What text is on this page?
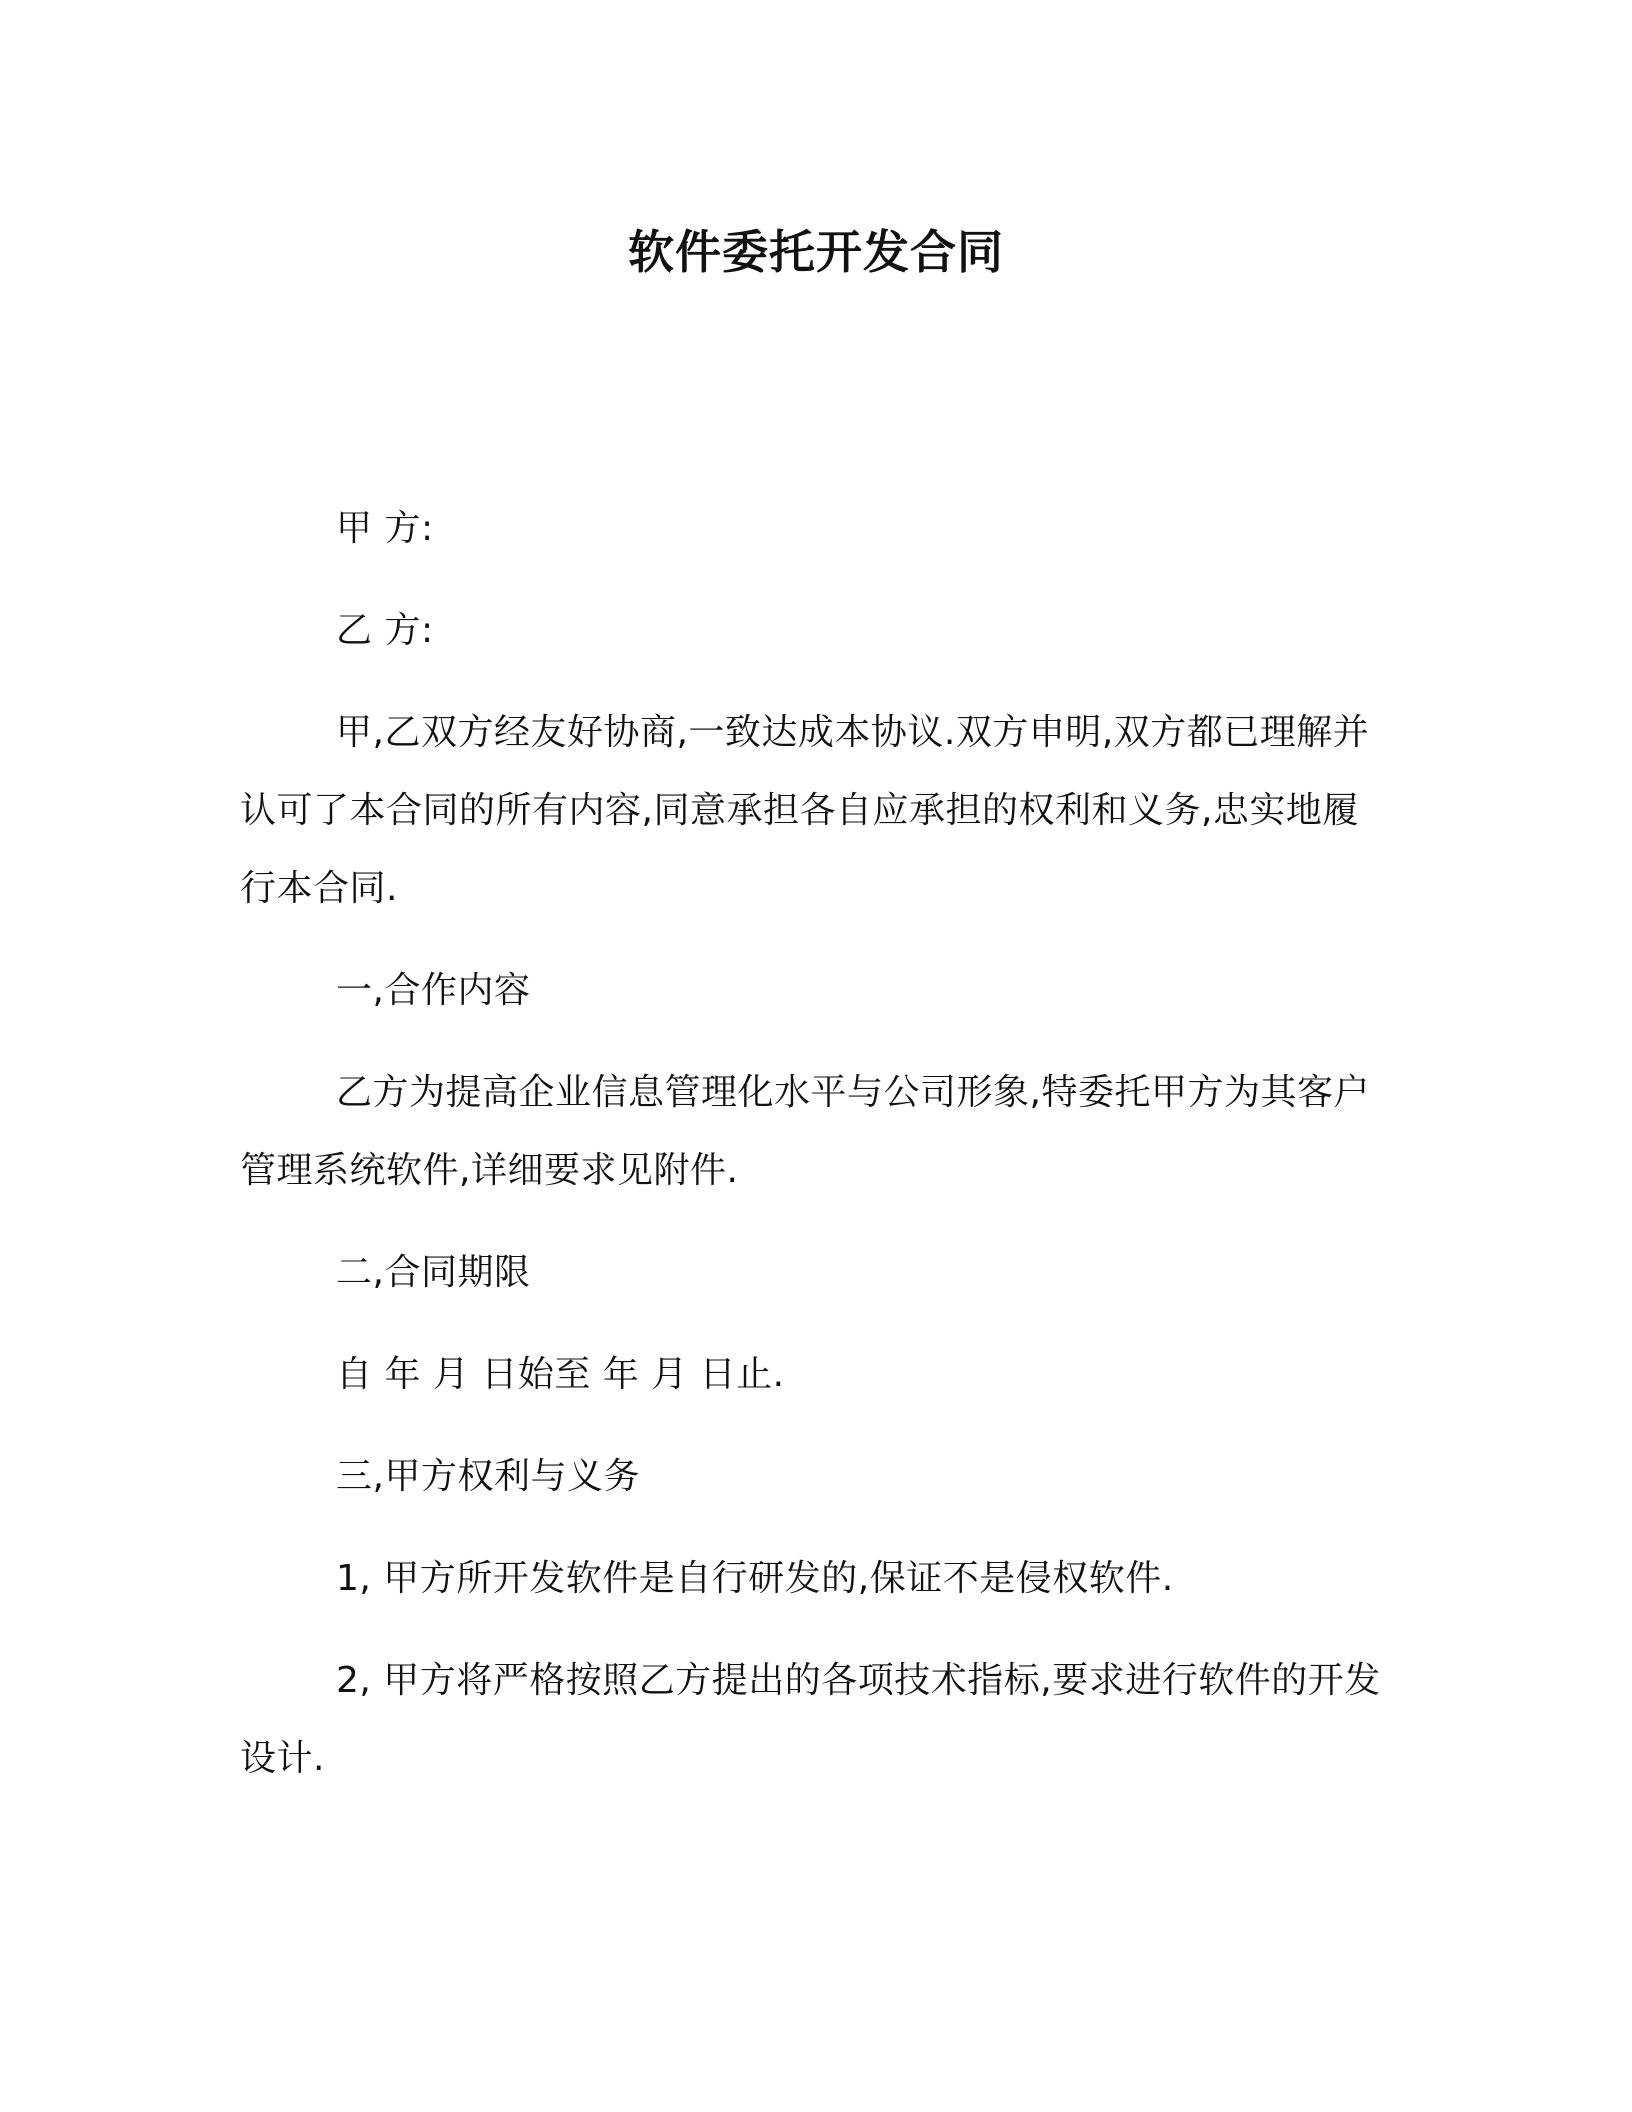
软件委托开发合同

甲 方:

乙 方:

甲,乙双方经友好协商,一致达成本协议.双方申明,双方都已理解并认可了本合同的所有内容,同意承担各自应承担的权利和义务,忠实地履行本合同.

一,合作内容

乙方为提高企业信息管理化水平与公司形象,特委托甲方为其客户管理系统软件,详细要求见附件.

二,合同期限

自 年 月 日始至 年 月 日止.

三,甲方权利与义务

1, 甲方所开发软件是自行研发的,保证不是侵权软件.

2, 甲方将严格按照乙方提出的各项技术指标,要求进行软件的开发设计.
